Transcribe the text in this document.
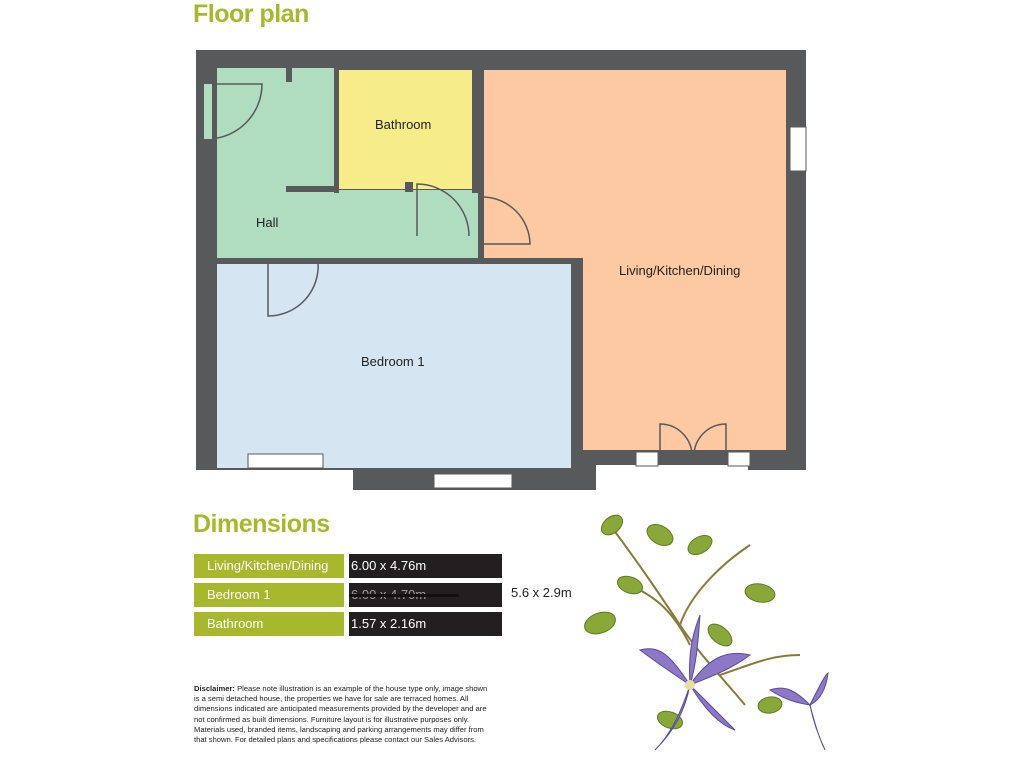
Floor plan
Hall
Bathroom
Living/Kitchen/Dining
Bedroom 1
Dimensions
Living/Kitchen/Dining	6.00 x 4.76m
Bedroom 1
Bathroom	1.57 x 2.16m
5.6 x 2.9m
Disclaimer: Please note illustration is an example of the house type only, image shown is a semi detached house, the properties we have for sale are terraced homes. All dimensions indicated are anticipated measurements provided by the developer and are not confirmed as built dimensions. Furniture layout is for illustrative purposes only. Materials used, branded items, landscaping and parking arrangements may differ from that shown. For detailed plans and specifications please contact our Sales Advisors.
